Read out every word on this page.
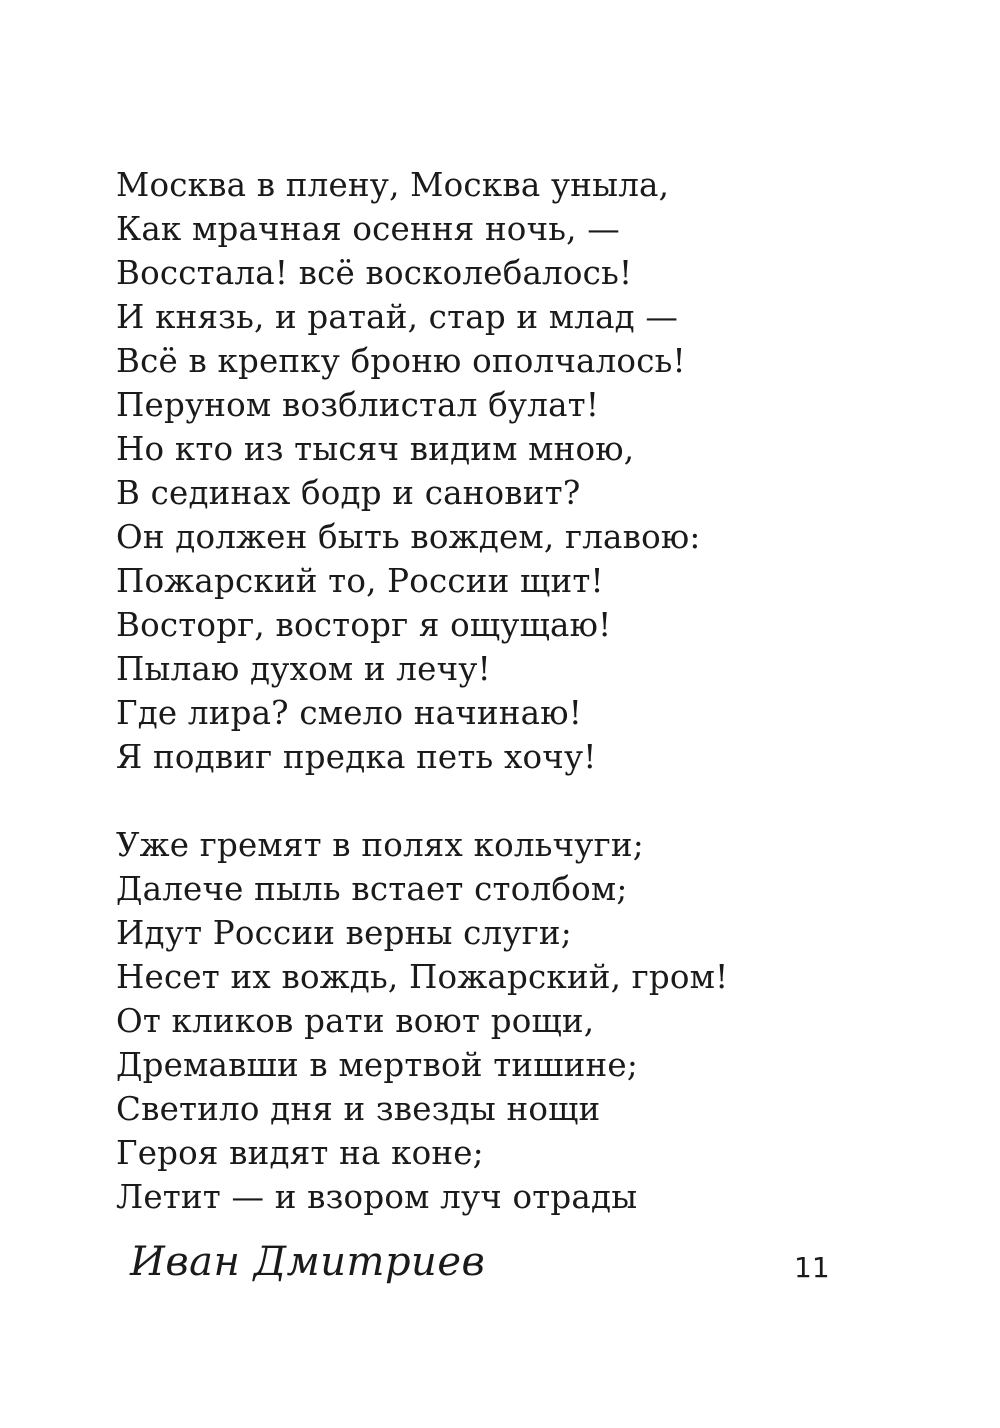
Москва в плену, Москва уныла,
Как мрачная осення ночь, —
Восстала! всё восколебалось!
И князь, и ратай, стар и млад —
Всё в крепку броню ополчалось!
Перуном возблистал булат!
Но кто из тысяч видим мною,
В сединах бодр и сановит?
Он должен быть вождем, главою:
Пожарский то, России щит!
Восторг, восторг я ощущаю!
Пылаю духом и лечу!
Где лира? смело начинаю!
Я подвиг предка петь хочу!
Уже гремят в полях кольчуги;
Далече пыль встает столбом;
Идут России верны слуги;
Несет их вождь, Пожарский, гром!
От кликов рати воют рощи,
Дремавши в мертвой тишине;
Светило дня и звезды нощи
Героя видят на коне;
Летит — и взором луч отрады
Иван Дмитриев	11
